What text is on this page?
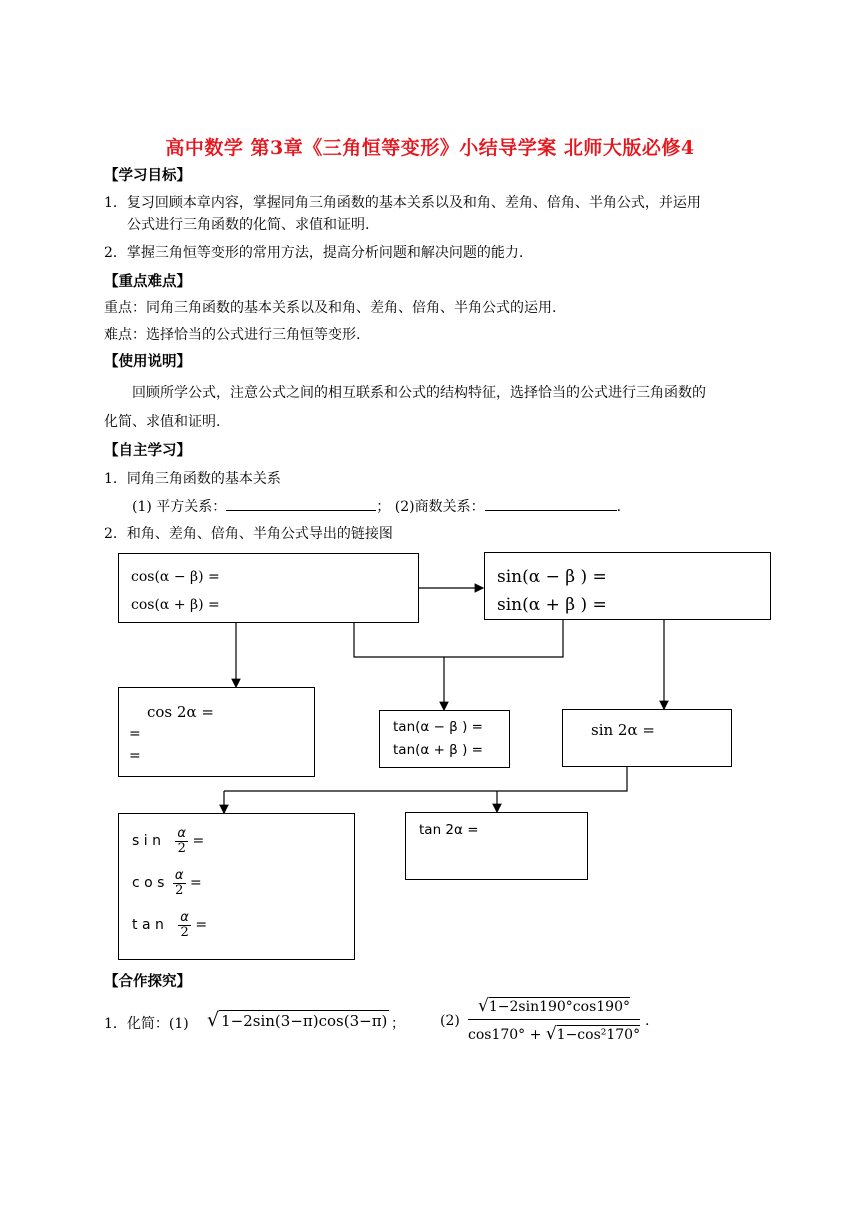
高中数学 第3章《三角恒等变形》小结导学案 北师大版必修4
【学习目标】
1．复习回顾本章内容，掌握同角三角函数的基本关系以及和角、差角、倍角、半角公式，并运用
公式进行三角函数的化简、求值和证明.
2．掌握三角恒等变形的常用方法，提高分析问题和解决问题的能力.
【重点难点】
重点：同角三角函数的基本关系以及和角、差角、倍角、半角公式的运用.
难点：选择恰当的公式进行三角恒等变形.
【使用说明】
回顾所学公式，注意公式之间的相互联系和公式的结构特征，选择恰当的公式进行三角函数的
化简、求值和证明.
【自主学习】
1．同角三角函数的基本关系
(1) 平方关系：	； (2)商数关系：	.
2．和角、差角、倍角、半角公式导出的链接图
cos(α − β) =
cos(α + β) =
sin(α − β ) =
sin(α + β ) =
cos 2α =
=
=
tan(α − β ) =
tan(α + β ) =
sin 2α =
s i n $\frac{\alpha}{2}$ =
c o s $\frac{\alpha}{2}$ =
t a n $\frac{\alpha}{2}$ =
tan 2α =
【合作探究】
1．化简：(1) √ 1−2sin(3−π)cos(3−π) ；	$(2) \frac{√1-2\sin 190^\circ\cos 190^\circ}{\text{cos170° + √1−cos²170°}}$ .
